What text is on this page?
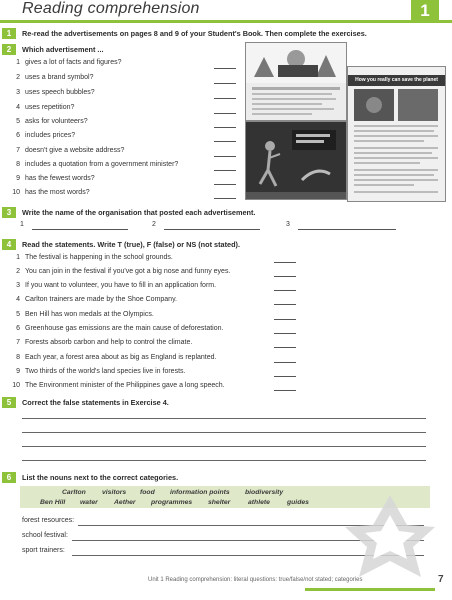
Reading comprehension	1
1	Re-read the advertisements on pages 8 and 9 of your Student's Book. Then complete the exercises.
2	Which advertisement ...
1 gives a lot of facts and figures?
2 uses a brand symbol?
3 uses speech bubbles?
4 uses repetition?
5 asks for volunteers?
6 includes prices?
7 doesn't give a website address?
8 includes a quotation from a government minister?
9 has the fewest words?
10 has the most words?
How you really can save the planet
3	Write the name of the organisation that posted each advertisement.
1	2	3
4	Read the statements. Write T (true), F (false) or NS (not stated).
1 The festival is happening in the school grounds.
2 You can join in the festival if you've got a big nose and funny eyes.
3 If you want to volunteer, you have to fill in an application form.
4 Carlton trainers are made by the Shoe Company.
5 Ben Hill has won medals at the Olympics.
6 Greenhouse gas emissions are the main cause of deforestation.
7 Forests absorb carbon and help to control the climate.
8 Each year, a forest area about as big as England is replanted.
9 Two thirds of the world's land species live in forests.
10 The Environment minister of the Philippines gave a long speech.
5	Correct the false statements in Exercise 4.
6	List the nouns next to the correct categories.
Carlton visitors food information points biodiversity
Ben Hill water Aether programmes shelter	athlete	guides
forest resources:
school festival:
sport trainers:
Unit 1 Reading comprehension: literal questions: true/false/not stated; categories	7
